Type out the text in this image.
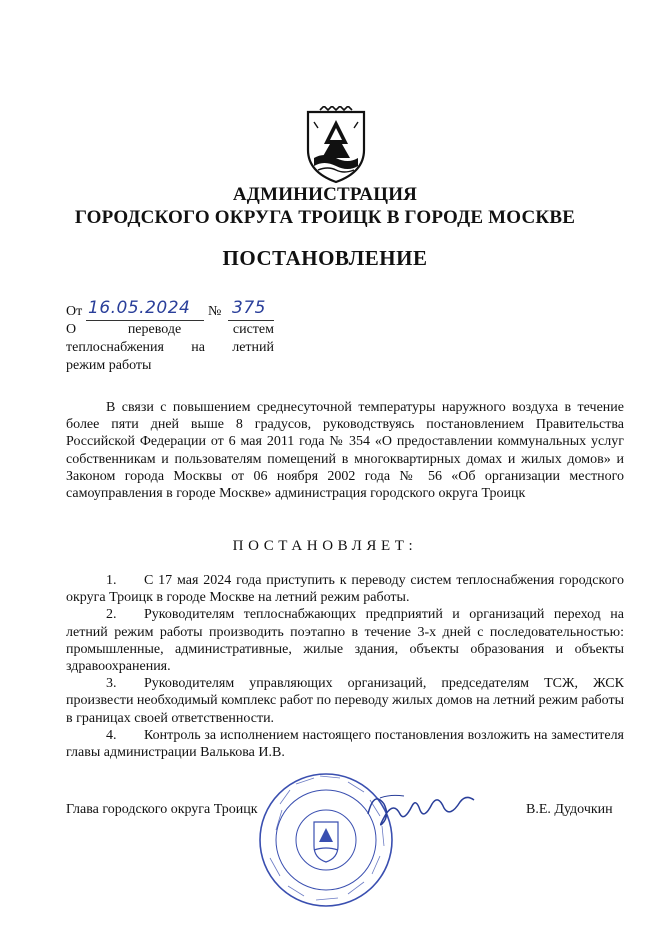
АДМИНИСТРАЦИЯ
ГОРОДСКОГО ОКРУГА ТРОИЦК В ГОРОДЕ МОСКВЕ
ПОСТАНОВЛЕНИЕ
От 16.05.2024 № 375
О переводе систем
теплоснабжения на летний
режим работы

В связи с повышением среднесуточной температуры наружного воздуха в течение более пяти дней выше 8 градусов, руководствуясь постановлением Правительства Российской Федерации от 6 мая 2011 года № 354 «О предоставлении коммунальных услуг собственникам и пользователям помещений в многоквартирных домах и жилых домов» и Законом города Москвы от 06 ноября 2002 года № 56 «Об организации местного самоуправления в городе Москве» администрация городского округа Троицк

ПОСТАНОВЛЯЕТ:

1. С 17 мая 2024 года приступить к переводу систем теплоснабжения городского округа Троицк в городе Москве на летний режим работы.

2. Руководителям теплоснабжающих предприятий и организаций переход на летний режим работы производить поэтапно в течение 3-х дней с последовательностью: промышленные, административные, жилые здания, объекты образования и объекты здравоохранения.

3. Руководителям управляющих организаций, председателям ТСЖ, ЖСК произвести необходимый комплекс работ по переводу жилых домов на летний режим работы в границах своей ответственности.

4. Контроль за исполнением настоящего постановления возложить на заместителя главы администрации Валькова И.В.

Глава городского округа Троицк	В.Е. Дудочкин
